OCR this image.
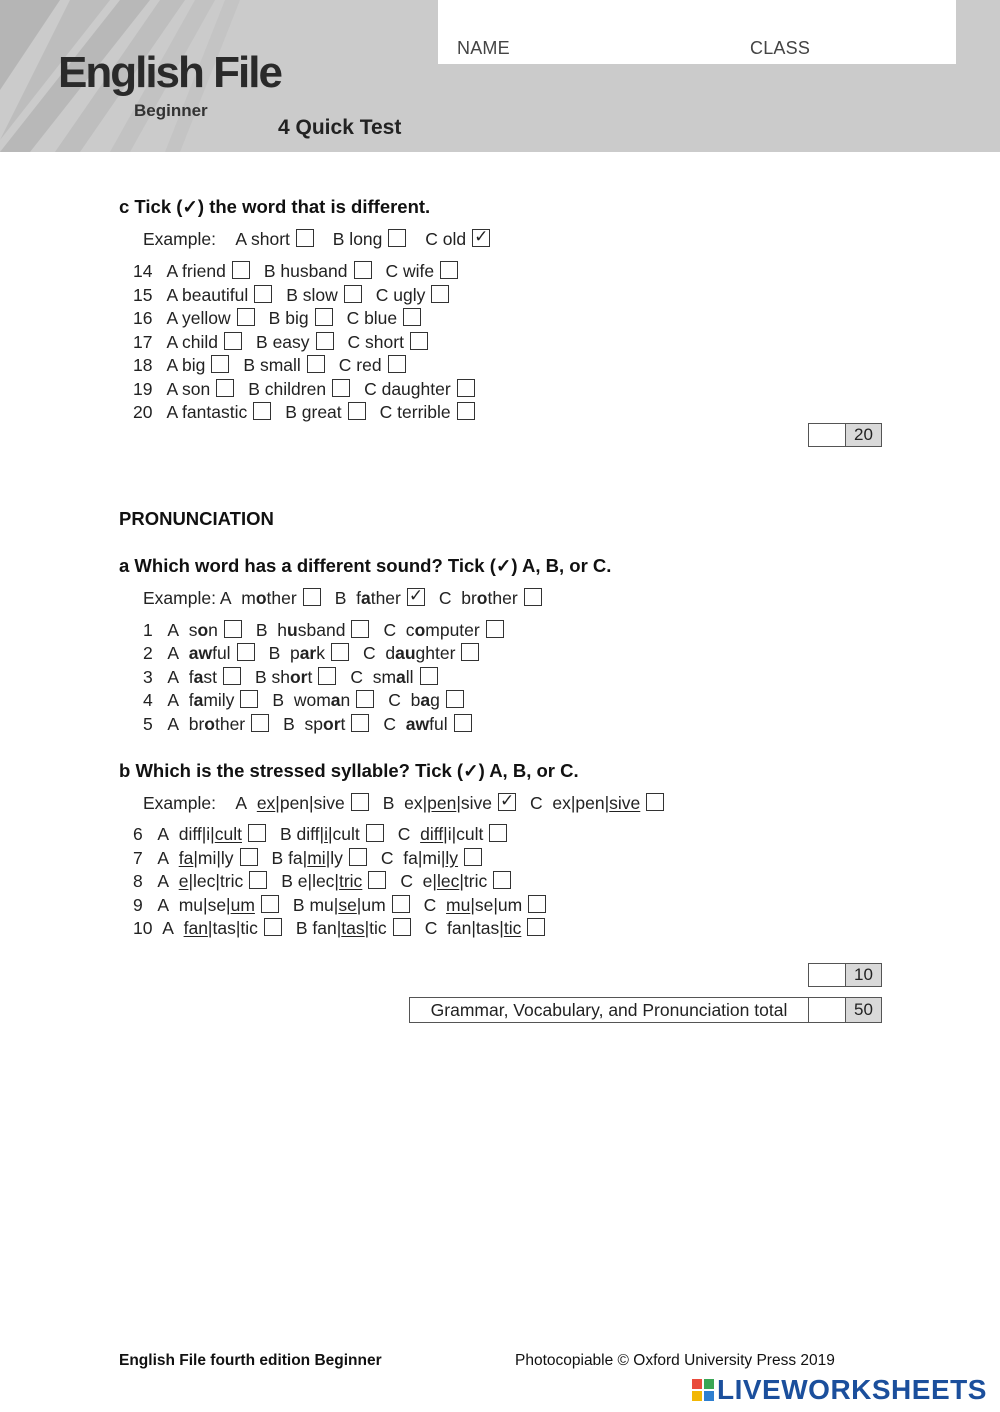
NAME	CLASS
English File
Beginner
4 Quick Test
c Tick (✓) the word that is different.
Example: A short B long C old✓
14 A friend B husband C wife
15 A beautiful B slow C ugly
16 A yellow B big C blue
17 A child B easy C short
18 A big B small C red
19 A son B children C daughter
20 A fantastic B great C terrible
20
PRONUNCIATION
a Which word has a different sound? Tick (✓) A, B, or C.
Example: A  mother B  father ✓ C  brother
1   A  son B  husband C  computer
2   A  awful B  park C  daughter
3   A  fast B short C  small
4   A  family B  woman C  bag
5   A  brother B  sport C  awful
b Which is the stressed syllable? Tick (✓) A, B, or C.
Example:    A  ex|pen|sive B  ex|pen|sive ✓ C  ex|pen|sive
6   A  diff|i|cult B diff|i|cult C  diff|i|cult
7   A  fa|mi|ly B fa|mi|ly C  fa|mi|ly
8   A  e|lec|tric B e|lec|tric C  e|lec|tric
9   A  mu|se|um B mu|se|um C  mu|se|um
10  A  fan|tas|tic B fan|tas|tic C  fan|tas|tic
10
Grammar, Vocabulary, and Pronunciation total	50
English File fourth edition Beginner	Photocopiable © Oxford University Press 2019
LIVEWORKSHEETS
